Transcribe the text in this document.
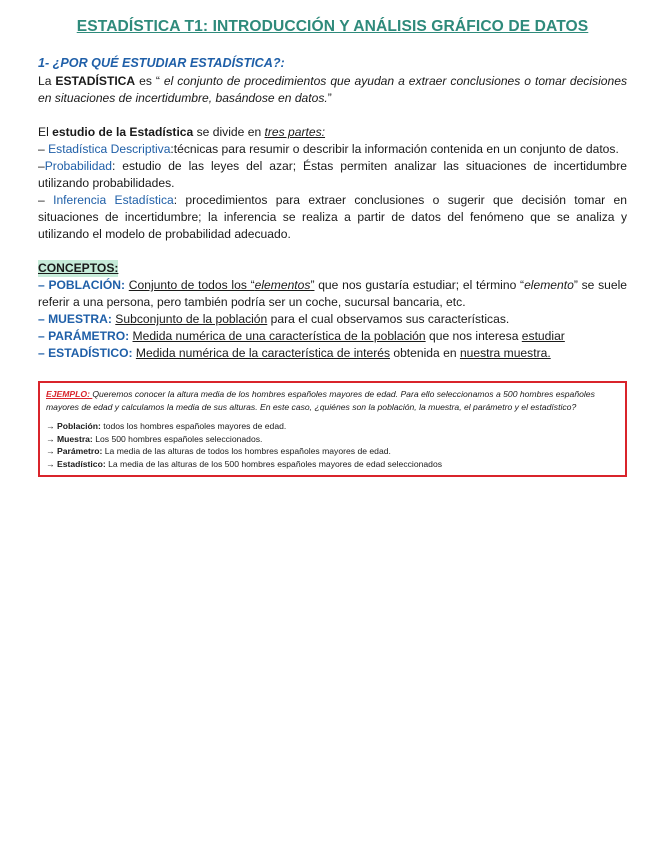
ESTADÍSTICA T1: INTRODUCCIÓN Y ANÁLISIS GRÁFICO DE DATOS
1- ¿POR QUÉ ESTUDIAR ESTADÍSTICA?:

La ESTADÍSTICA es “ el conjunto de procedimientos que ayudan a extraer conclusiones o tomar decisiones en situaciones de incertidumbre, basándose en datos.”

El estudio de la Estadística se divide en tres partes:

– Estadística Descriptiva:técnicas para resumir o describir la información contenida en un conjunto de datos.

–Probabilidad: estudio de las leyes del azar; Éstas permiten analizar las situaciones de incertidumbre utilizando probabilidades.

– Inferencia Estadística: procedimientos para extraer conclusiones o sugerir que decisión tomar en situaciones de incertidumbre; la inferencia se realiza a partir de datos del fenómeno que se analiza y utilizando el modelo de probabilidad adecuado.

CONCEPTOS:

– POBLACIÓN: Conjunto de todos los “elementos” que nos gustaría estudiar; el término “elemento” se suele referir a una persona, pero también podría ser un coche, sucursal bancaria, etc.

– MUESTRA: Subconjunto de la población para el cual observamos sus características.

– PARÁMETRO: Medida numérica de una característica de la población que nos interesa estudiar

– ESTADÍSTICO: Medida numérica de la característica de interés obtenida en nuestra muestra.

EJEMPLO: Queremos conocer la altura media de los hombres españoles mayores de edad. Para ello seleccionamos a 500 hombres españoles mayores de edad y calculamos la media de sus alturas. En este caso, ¿quiénes son la población, la muestra, el parámetro y el estadístico?
→ Población: todos los hombres españoles mayores de edad.
→ Muestra: Los 500 hombres españoles seleccionados.
→ Parámetro: La media de las alturas de todos los hombres españoles mayores de edad.
→ Estadístico: La media de las alturas de los 500 hombres españoles mayores de edad seleccionados
